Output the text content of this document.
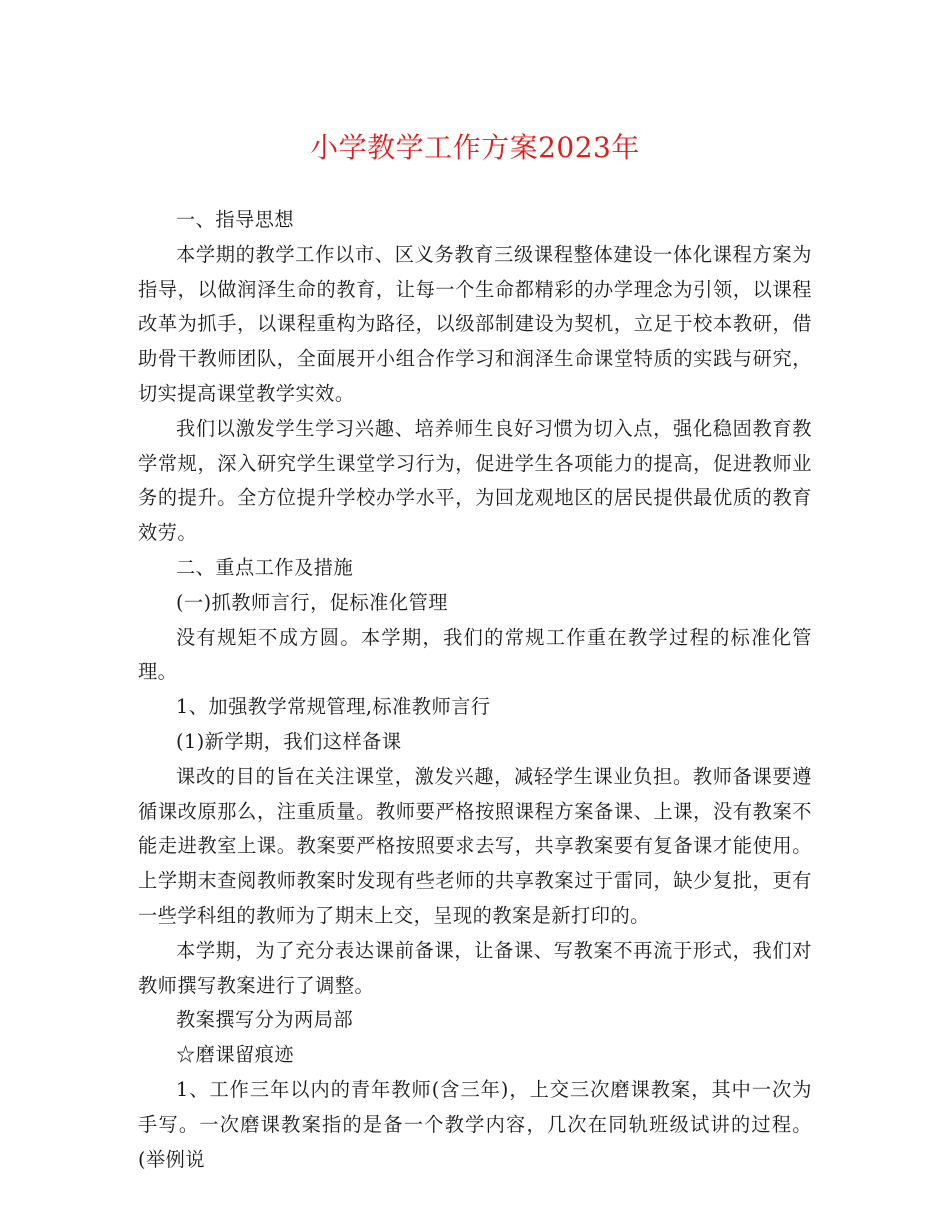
小学教学工作方案2023年

一、指导思想

本学期的教学工作以市、区义务教育三级课程整体建设一体化课程方案为指导，以做润泽生命的教育，让每一个生命都精彩的办学理念为引领，以课程改革为抓手，以课程重构为路径，以级部制建设为契机，立足于校本教研，借助骨干教师团队，全面展开小组合作学习和润泽生命课堂特质的实践与研究，切实提高课堂教学实效。

我们以激发学生学习兴趣、培养师生良好习惯为切入点，强化稳固教育教学常规，深入研究学生课堂学习行为，促进学生各项能力的提高，促进教师业务的提升。全方位提升学校办学水平，为回龙观地区的居民提供最优质的教育效劳。

二、重点工作及措施

(一)抓教师言行，促标准化管理

没有规矩不成方圆。本学期，我们的常规工作重在教学过程的标准化管理。

1、加强教学常规管理,标准教师言行

(1)新学期，我们这样备课

课改的目的旨在关注课堂，激发兴趣，减轻学生课业负担。教师备课要遵循课改原那么，注重质量。教师要严格按照课程方案备课、上课，没有教案不能走进教室上课。教案要严格按照要求去写，共享教案要有复备课才能使用。上学期末查阅教师教案时发现有些老师的共享教案过于雷同，缺少复批，更有一些学科组的教师为了期末上交，呈现的教案是新打印的。

本学期，为了充分表达课前备课，让备课、写教案不再流于形式，我们对教师撰写教案进行了调整。

教案撰写分为两局部

☆磨课留痕迹

1、工作三年以内的青年教师(含三年)，上交三次磨课教案，其中一次为手写。一次磨课教案指的是备一个教学内容，几次在同轨班级试讲的过程。(举例说
